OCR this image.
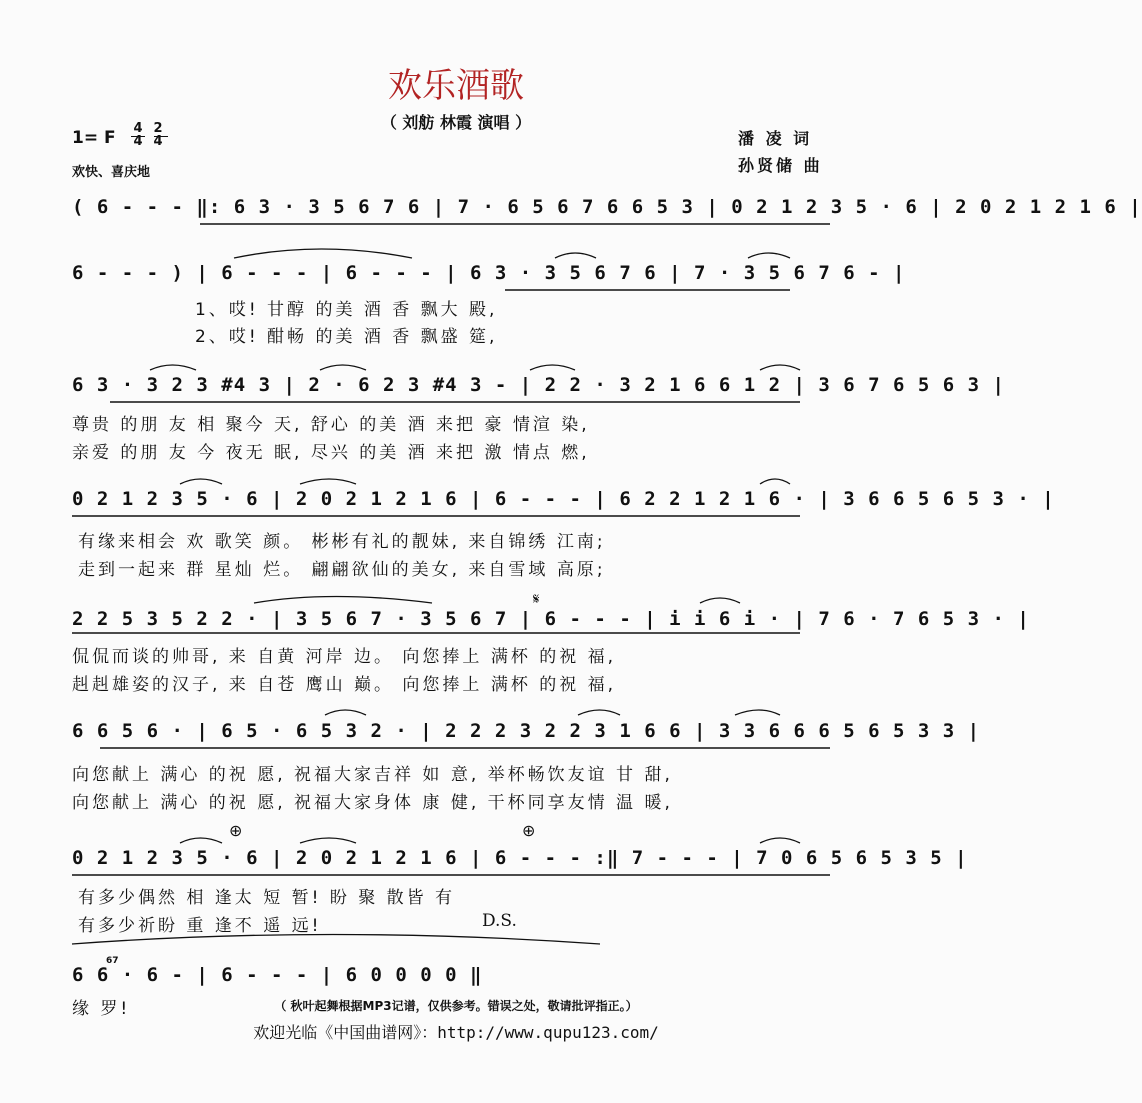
欢乐酒歌
（ 刘舫 林霞 演唱 ）
1= F	4 2
4 4
欢快、喜庆地
潘 凌 词
孙贤储 曲
( 6 - - - ‖: 6 3 · 3 5 6 7 6 | 7 · 6 5 6 7 6 6 5 3 | 0 2 1 2 3 5 · 6 | 2 0 2 1 2 1 6 |
6 - - - ) | 6 - - - | 6 - - - | 6 3 · 3 5 6 7 6 | 7 · 3 5 6 7 6 - |
1、哎! 甘醇 的美 酒 香 飘大 殿,
2、哎! 酣畅 的美 酒 香 飘盛 筵,
6 3 · 3 2 3 #4 3 | 2 · 6 2 3 #4 3 - | 2 2 · 3 2 1 6 6 1 2 | 3 6 7 6 5 6 3 |
尊贵 的朋 友 相 聚今 天, 舒心 的美 酒 来把 豪 情渲 染,
亲爱 的朋 友 今 夜无 眠, 尽兴 的美 酒 来把 激 情点 燃,
0 2 1 2 3 5 · 6 | 2 0 2 1 2 1 6 | 6 - - - | 6 2 2 1 2 1 6 · | 3 6 6 5 6 5 3 · |
有缘来相会 欢 歌笑 颜。 彬彬有礼的靓妹, 来自锦绣 江南;
走到一起来 群 星灿 烂。 翩翩欲仙的美女, 来自雪域 高原;
2 2 5 3 5 2 2 · | 3 5 6 7 · 3 5 6 7 | 6 - - - | i i 6 i · | 7 6 · 7 6 5 3 · |
侃侃而谈的帅哥, 来 自黄 河岸 边。 向您捧上 满杯 的祝 福,
赳赳雄姿的汉子, 来 自苍 鹰山 巅。 向您捧上 满杯 的祝 福,
6 6 5 6 · | 6 5 · 6 5 3 2 · | 2 2 2 3 2 2 3 1 6 6 | 3 3 6 6 6 5 6 5 3 3 |
向您献上 满心 的祝 愿, 祝福大家吉祥 如 意, 举杯畅饮友谊 甘 甜,
向您献上 满心 的祝 愿, 祝福大家身体 康 健, 干杯同享友情 温 暖,
0 2 1 2 3 5 · 6 | 2 0 2 1 2 1 6 | 6 - - - :‖ 7 - - - | 7 0 6 5 6 5 3 5 |
有多少偶然 相 逢太 短 暂! 盼 聚 散皆 有
有多少祈盼 重 逢不 遥 远!	D.S.
6 6 · 6 - | 6 - - - | 6 0 0 0 0 ‖
缘 罗!
67
𝄋
⊕	⊕
（ 秋叶起舞根据MP3记谱，仅供参考。错误之处，敬请批评指正。）
欢迎光临《中国曲谱网》：http://www.qupu123.com/
